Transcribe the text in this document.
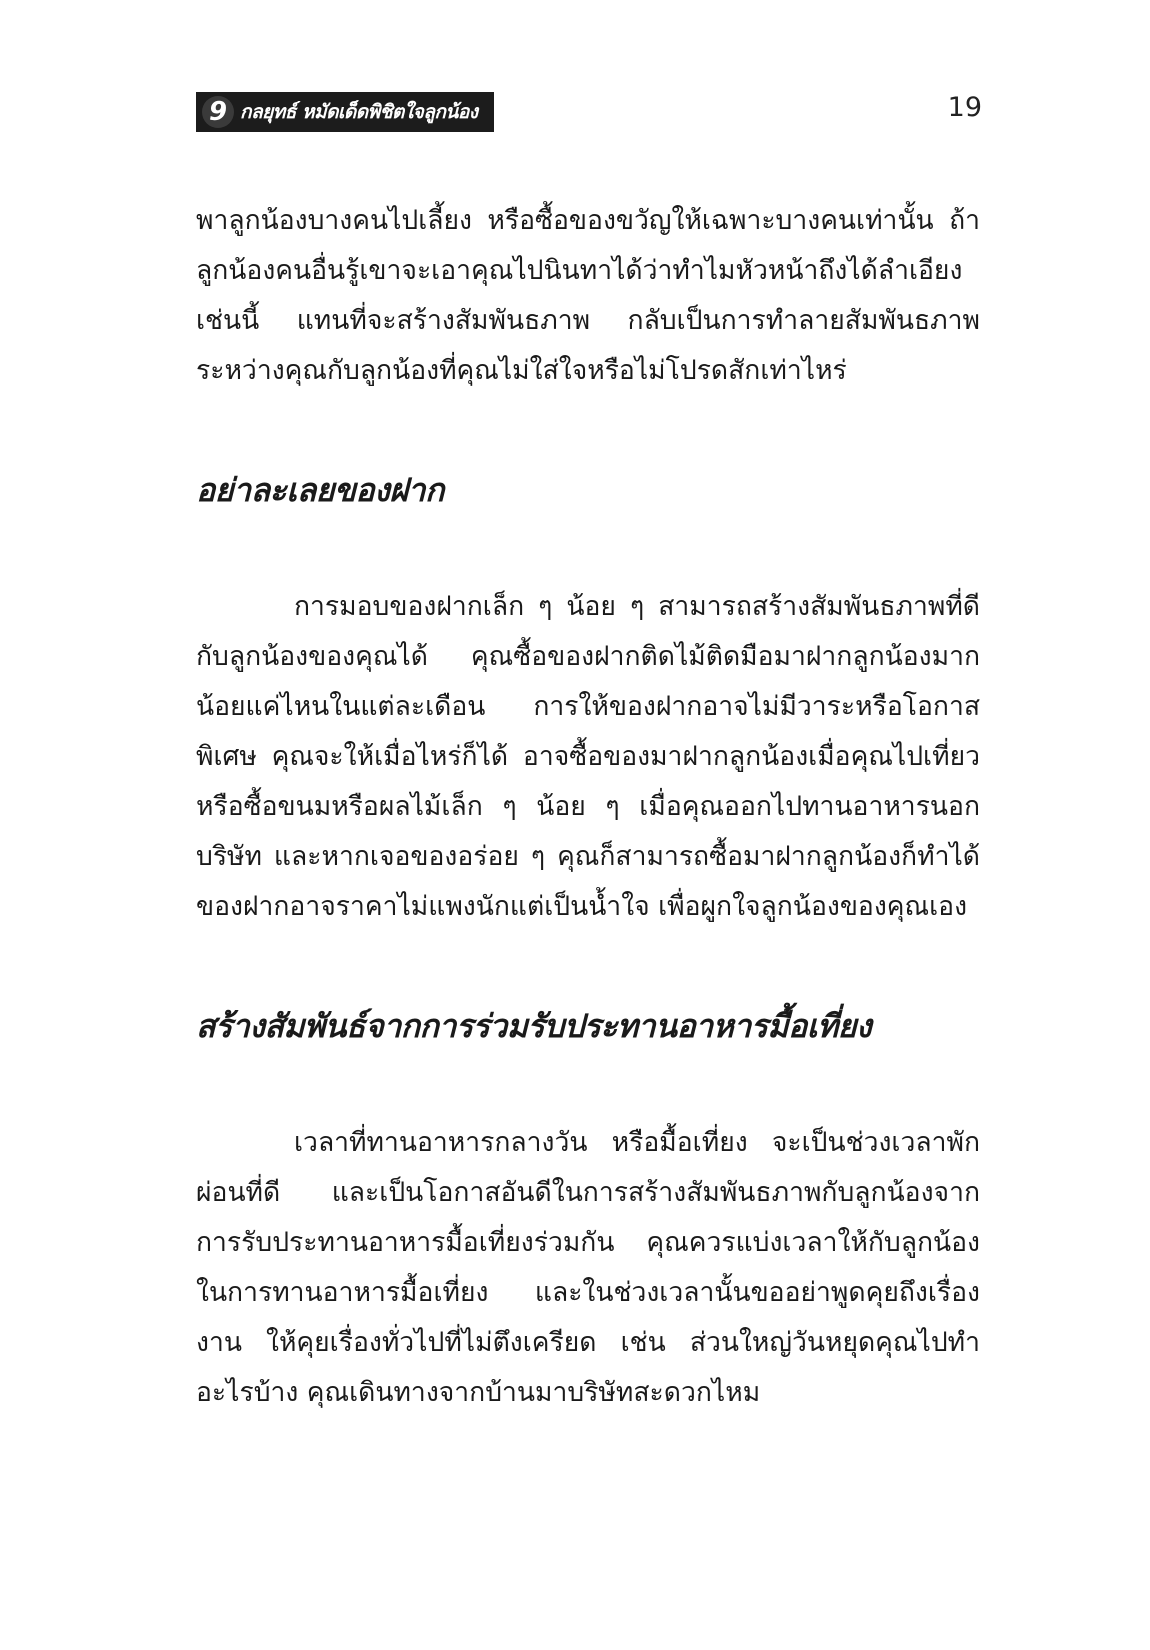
9 กลยุทธ์ หมัดเด็ดพิชิตใจลูกน้อง	19

พาลูกน้องบางคนไปเลี้ยง หรือซื้อของขวัญให้เฉพาะบางคนเท่านั้น ถ้าลูกน้องคนอื่นรู้เขาจะเอาคุณไปนินทาได้ว่าทำไมหัวหน้าถึงได้ลำเอียงเช่นนี้ แทนที่จะสร้างสัมพันธภาพ กลับเป็นการทำลายสัมพันธภาพระหว่างคุณกับลูกน้องที่คุณไม่ใส่ใจหรือไม่โปรดสักเท่าไหร่

อย่าละเลยของฝาก

การมอบของฝากเล็ก ๆ น้อย ๆ สามารถสร้างสัมพันธภาพที่ดีกับลูกน้องของคุณได้ คุณซื้อของฝากติดไม้ติดมือมาฝากลูกน้องมากน้อยแค่ไหนในแต่ละเดือน การให้ของฝากอาจไม่มีวาระหรือโอกาสพิเศษ คุณจะให้เมื่อไหร่ก็ได้ อาจซื้อของมาฝากลูกน้องเมื่อคุณไปเที่ยว หรือซื้อขนมหรือผลไม้เล็ก ๆ น้อย ๆ เมื่อคุณออกไปทานอาหารนอกบริษัท และหากเจอของอร่อย ๆ คุณก็สามารถซื้อมาฝากลูกน้องก็ทำได้ ของฝากอาจราคาไม่แพงนักแต่เป็นน้ำใจ เพื่อผูกใจลูกน้องของคุณเอง

สร้างสัมพันธ์จากการร่วมรับประทานอาหารมื้อเที่ยง

เวลาที่ทานอาหารกลางวัน หรือมื้อเที่ยง จะเป็นช่วงเวลาพักผ่อนที่ดี และเป็นโอกาสอันดีในการสร้างสัมพันธภาพกับลูกน้องจากการรับประทานอาหารมื้อเที่ยงร่วมกัน คุณควรแบ่งเวลาให้กับลูกน้องในการทานอาหารมื้อเที่ยง และในช่วงเวลานั้นขออย่าพูดคุยถึงเรื่องงาน ให้คุยเรื่องทั่วไปที่ไม่ตึงเครียด เช่น ส่วนใหญ่วันหยุดคุณไปทำอะไรบ้าง คุณเดินทางจากบ้านมาบริษัทสะดวกไหม
